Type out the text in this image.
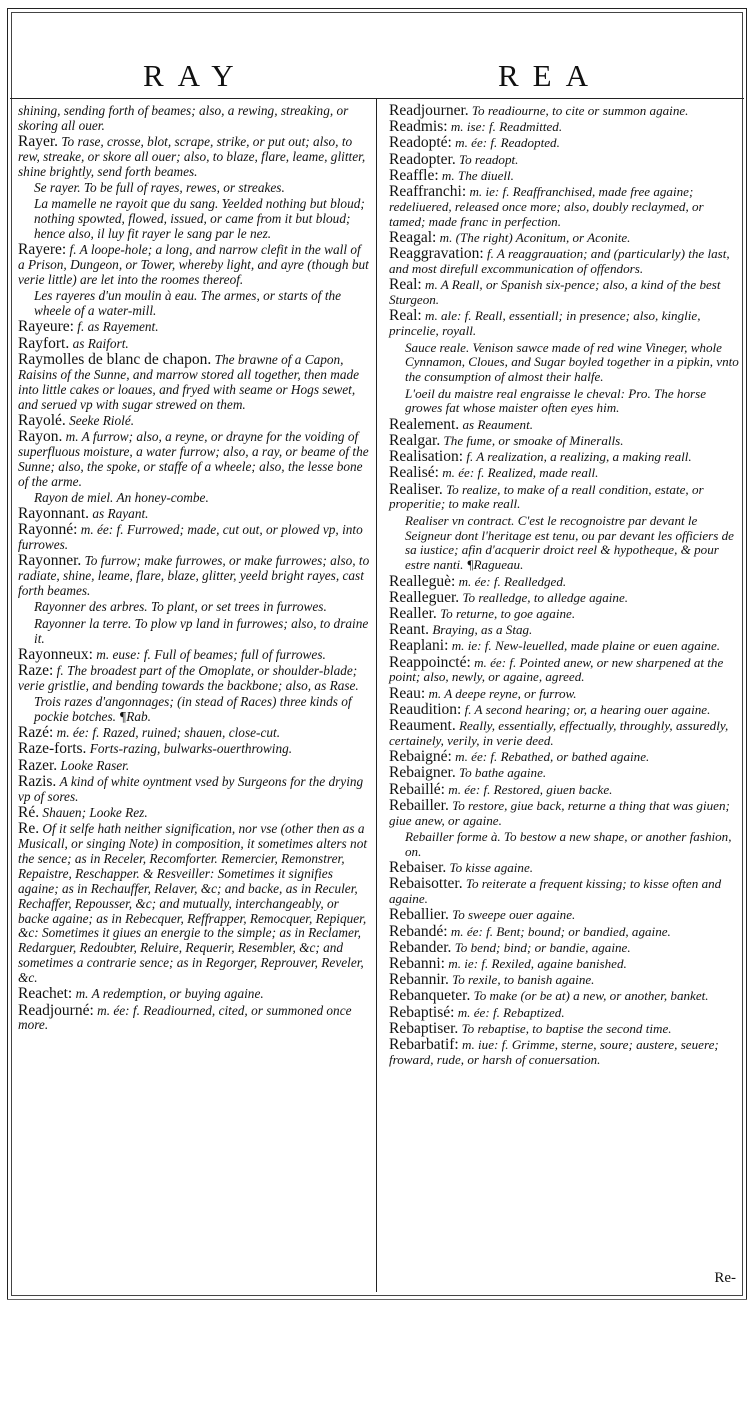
RAY	REA
shining, sending forth of beames; also, a rewing, streaking, or skoring all ouer.
Rayer. To rase, crosse, blot, scrape, strike, or put out; also, to rew, streake, or skore all ouer; also, to blaze, flare, leame, glitter, shine brightly, send forth beames.
Se rayer. To be full of rayes, rewes, or streakes.
La mamelle ne rayoit que du sang. Yeelded nothing but bloud; nothing spowted, flowed, issued, or came from it but bloud; hence also, il luy fit rayer le sang par le nez.
Rayere: f. A loope-hole; a long, and narrow clefit in the wall of a Prison, Dungeon, or Tower, whereby light, and ayre (though but verie little) are let into the roomes thereof.
Les rayeres d'un moulin à eau. The armes, or starts of the wheele of a water-mill.
Rayeure: f. as Rayement.
Rayfort. as Raifort.
Raymolles de blanc de chapon. The brawne of a Capon, Raisins of the Sunne, and marrow stored all together, then made into little cakes or loaues, and fryed with seame or Hogs sewet, and serued vp with sugar strewed on them.
Rayolé. Seeke Riolé.
Rayon. m. A furrow; also, a reyne, or drayne for the voiding of superfluous moisture, a water furrow; also, a ray, or beame of the Sunne; also, the spoke, or staffe of a wheele; also, the lesse bone of the arme.
Rayon de miel. An honey-combe.
Rayonnant. as Rayant.
Rayonné: m. ée: f. Furrowed; made, cut out, or plowed vp, into furrowes.
Rayonner. To furrow; make furrowes, or make furrowes; also, to radiate, shine, leame, flare, blaze, glitter, yeeld bright rayes, cast forth beames.
Rayonner des arbres. To plant, or set trees in furrowes.
Rayonner la terre. To plow vp land in furrowes; also, to draine it.
Rayonneux: m. euse: f. Full of beames; full of furrowes.
Raze: f. The broadest part of the Omoplate, or shoulder-blade; verie gristlie, and bending towards the backbone; also, as Rase.
Trois razes d'angonnages; (in stead of Races) three kinds of pockie botches. ¶Rab.
Razé: m. ée: f. Razed, ruined; shauen, close-cut.
Raze-forts. Forts-razing, bulwarks-ouerthrowing.
Razer. Looke Raser.
Razis. A kind of white oyntment vsed by Surgeons for the drying vp of sores.
Ré. Shauen; Looke Rez.
Re. Of it selfe hath neither signification, nor vse (other then as a Musicall, or singing Note) in composition, it sometimes alters not the sence; as in Receler, Recomforter. Remercier, Remonstrer, Repaistre, Reschapper. & Resveiller: Sometimes it signifies againe; as in Rechauffer, Relaver, &c; and backe, as in Reculer, Rechaffer, Repousser, &c; and mutually, interchangeably, or backe againe; as in Rebecquer, Reffrapper, Remocquer, Repiquer, &c: Sometimes it giues an energie to the simple; as in Reclamer, Redarguer, Redoubter, Reluire, Requerir, Resembler, &c; and sometimes a contrarie sence; as in Regorger, Reprouver, Reveler, &c.
Reachet: m. A redemption, or buying againe.
Readjourné: m. ée: f. Readiourned, cited, or summoned once more.
Readjourner. To readiourne, to cite or summon againe.
Readmis: m. ise: f. Readmitted.
Readopté: m. ée: f. Readopted.
Readopter. To readopt.
Reaffle: m. The diuell.
Reaffranchi: m. ie: f. Reaffranchised, made free againe; redeliuered, released once more; also, doubly reclaymed, or tamed; made franc in perfection.
Reagal: m. (The right) Aconitum, or Aconite.
Reaggravation: f. A reaggrauation; and (particularly) the last, and most direfull excommunication of offendors.
Real: m. A Reall, or Spanish six-pence; also, a kind of the best Sturgeon.
Real: m. ale: f. Reall, essentiall; in presence; also, kinglie, princelie, royall.
Sauce reale. Venison sawce made of red wine Vineger, whole Cynnamon, Cloues, and Sugar boyled together in a pipkin, vnto the consumption of almost their halfe.
L'oeil du maistre real engraisse le cheval: Pro. The horse growes fat whose maister often eyes him.
Realement. as Reaument.
Realgar. The fume, or smoake of Mineralls.
Realisation: f. A realization, a realizing, a making reall.
Realisé: m. ée: f. Realized, made reall.
Realiser. To realize, to make of a reall condition, estate, or properitie; to make reall.
Realiser vn contract. C'est le recognoistre par devant le Seigneur dont l'heritage est tenu, ou par devant les officiers de sa iustice; afin d'acquerir droict reel & hypotheque, & pour estre nanti. ¶Ragueau.
Realleguè: m. ée: f. Realledged.
Realleguer. To realledge, to alledge againe.
Realler. To returne, to goe againe.
Reant. Braying, as a Stag.
Reaplani: m. ie: f. New-leuelled, made plaine or euen againe.
Reappoincté: m. ée: f. Pointed anew, or new sharpened at the point; also, newly, or againe, agreed.
Reau: m. A deepe reyne, or furrow.
Reaudition: f. A second hearing; or, a hearing ouer againe.
Reaument. Really, essentially, effectually, throughly, assuredly, certainely, verily, in verie deed.
Rebaigné: m. ée: f. Rebathed, or bathed againe.
Rebaigner. To bathe againe.
Rebaillé: m. ée: f. Restored, giuen backe.
Rebailler. To restore, giue back, returne a thing that was giuen; giue anew, or againe.
Rebailler forme à. To bestow a new shape, or another fashion, on.
Rebaiser. To kisse againe.
Rebaisotter. To reiterate a frequent kissing; to kisse often and againe.
Reballier. To sweepe ouer againe.
Rebandé: m. ée: f. Bent; bound; or bandied, againe.
Rebander. To bend; bind; or bandie, againe.
Rebanni: m. ie: f. Rexiled, againe banished.
Rebannir. To rexile, to banish againe.
Rebanqueter. To make (or be at) a new, or another, banket.
Rebaptisé: m. ée: f. Rebaptized.
Rebaptiser. To rebaptise, to baptise the second time.
Rebarbatif: m. iue: f. Grimme, sterne, soure; austere, seuere; froward, rude, or harsh of conuersation.
Re-
